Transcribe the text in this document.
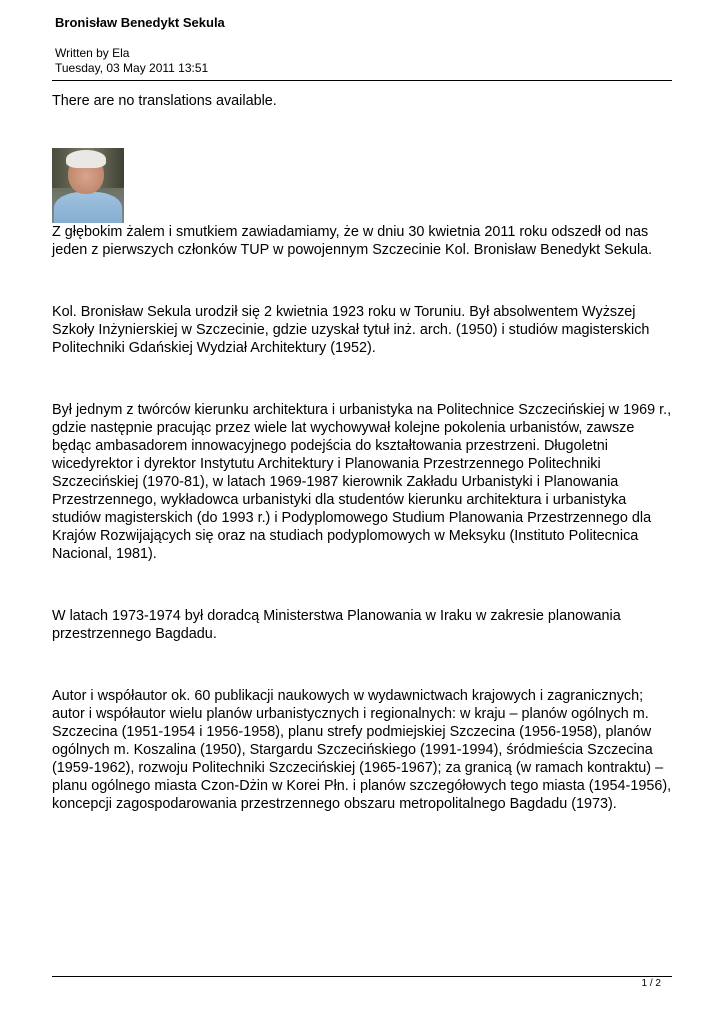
Bronisław Benedykt Sekula
Written by Ela
Tuesday, 03 May 2011 13:51

There are no translations available.

Z głębokim żalem i smutkiem zawiadamiamy, że w dniu 30 kwietnia 2011 roku odszedł od nas jeden z pierwszych członków TUP w powojennym Szczecinie Kol. Bronisław Benedykt Sekula.

Kol. Bronisław Sekula urodził się 2 kwietnia 1923 roku w Toruniu. Był absolwentem Wyższej Szkoły Inżynierskiej w Szczecinie, gdzie uzyskał tytuł inż. arch. (1950) i studiów magisterskich Politechniki Gdańskiej Wydział Architektury (1952).

Był jednym z twórców kierunku architektura i urbanistyka na Politechnice Szczecińskiej w 1969 r., gdzie następnie pracując przez wiele lat wychowywał kolejne pokolenia urbanistów, zawsze będąc ambasadorem innowacyjnego podejścia do kształtowania przestrzeni. Długoletni wicedyrektor i dyrektor Instytutu Architektury i Planowania Przestrzennego Politechniki Szczecińskiej (1970-81), w latach 1969-1987 kierownik Zakładu Urbanistyki i Planowania Przestrzennego, wykładowca urbanistyki dla studentów kierunku architektura i urbanistyka studiów magisterskich (do 1993 r.) i Podyplomowego Studium Planowania Przestrzennego dla Krajów Rozwijających się oraz na studiach podyplomowych w Meksyku (Instituto Politecnica Nacional, 1981).

W latach 1973-1974 był doradcą Ministerstwa Planowania w Iraku w zakresie planowania przestrzennego Bagdadu.

Autor i współautor ok. 60 publikacji naukowych w wydawnictwach krajowych i zagranicznych; autor i współautor wielu planów urbanistycznych i regionalnych: w kraju – planów ogólnych m. Szczecina (1951-1954 i 1956-1958), planu strefy podmiejskiej Szczecina (1956-1958), planów ogólnych m. Koszalina (1950), Stargardu Szczecińskiego (1991-1994), śródmieścia Szczecina (1959-1962), rozwoju Politechniki Szczecińskiej (1965-1967); za granicą (w ramach kontraktu) – planu ogólnego miasta Czon-Dżin w Korei Płn. i planów szczegółowych tego miasta (1954-1956), koncepcji zagospodarowania przestrzennego obszaru metropolitalnego Bagdadu (1973).

1 / 2
